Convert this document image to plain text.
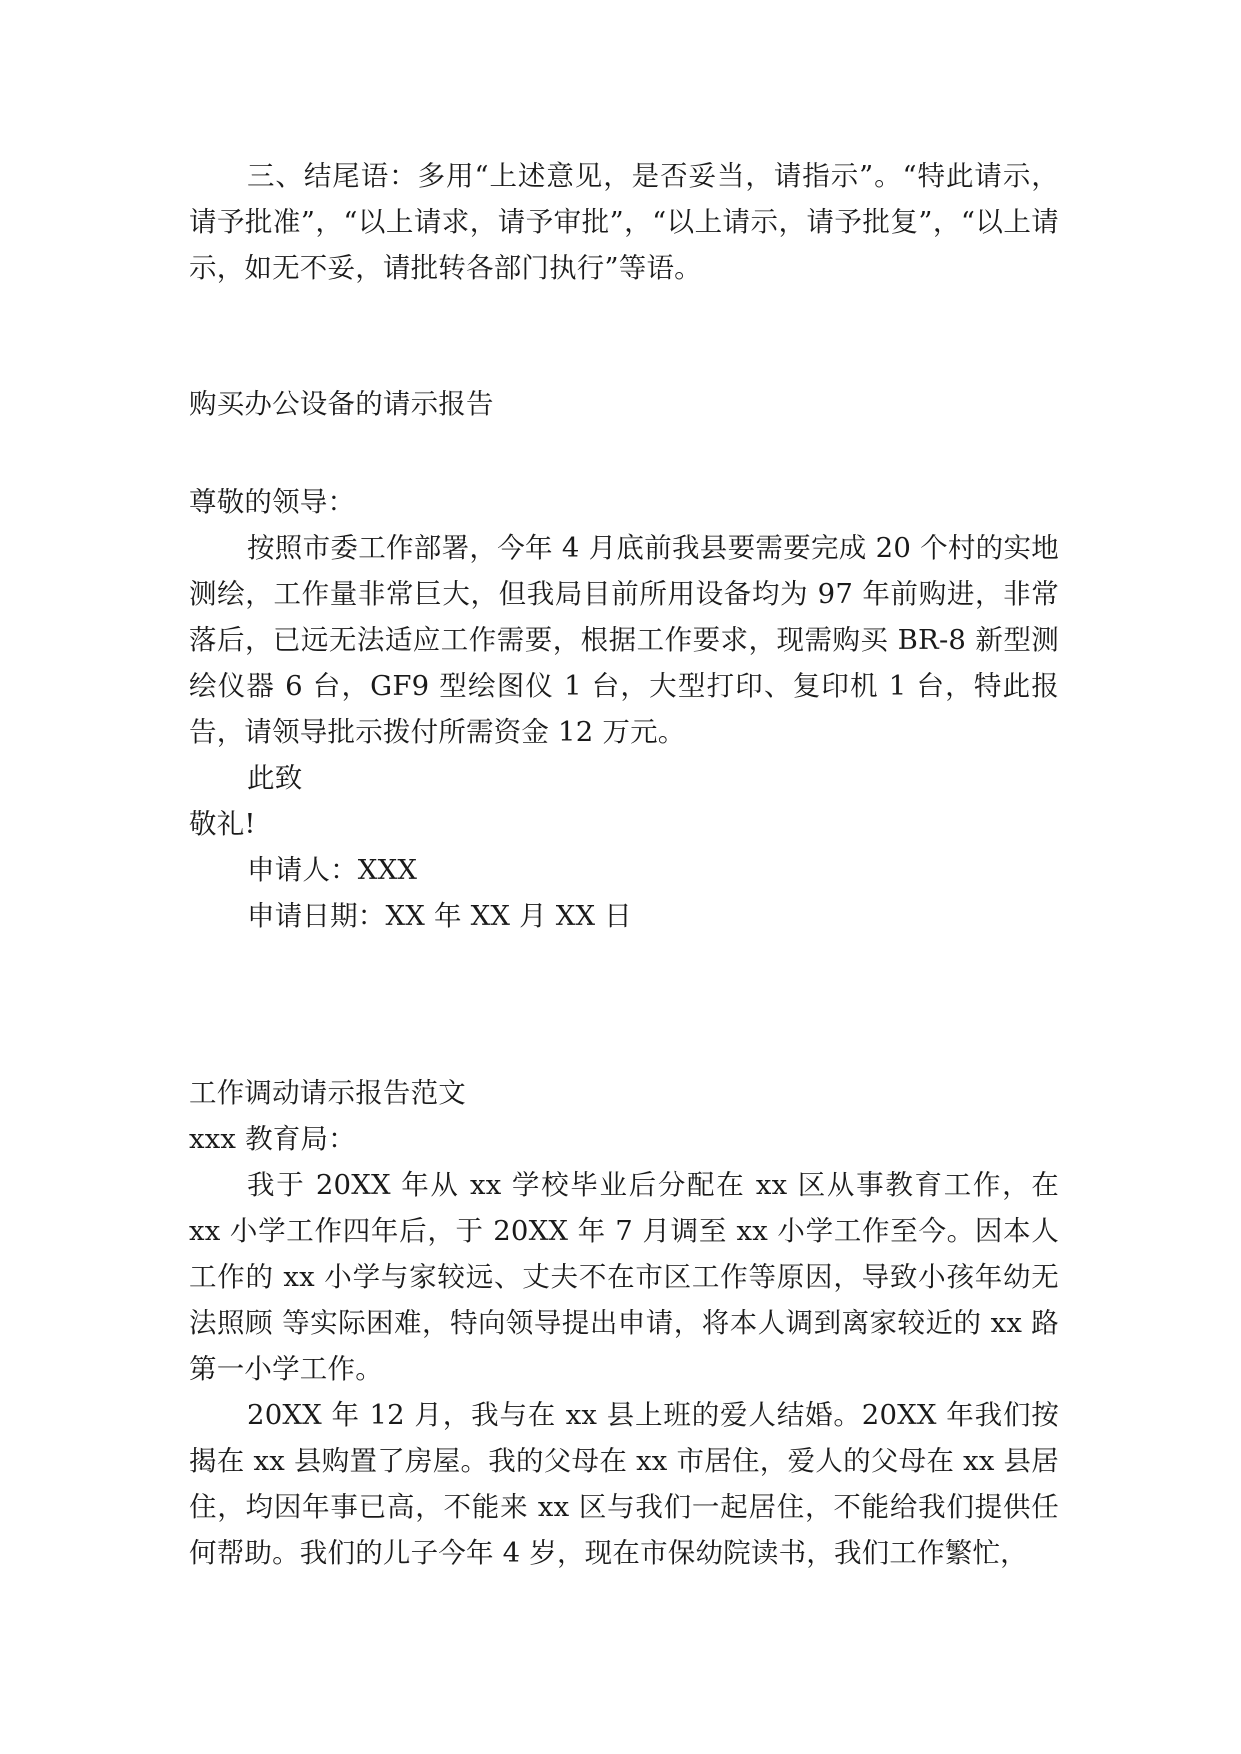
三、结尾语：多用“上述意见，是否妥当，请指示”。“特此请示，请予批准”，“以上请求，请予审批”，“以上请示，请予批复”，“以上请示，如无不妥，请批转各部门执行”等语。

购买办公设备的请示报告

尊敬的领导：

按照市委工作部署，今年 4 月底前我县要需要完成 20 个村的实地测绘，工作量非常巨大，但我局目前所用设备均为 97 年前购进，非常落后，已远无法适应工作需要，根据工作要求，现需购买 BR-8 新型测绘仪器 6 台，GF9 型绘图仪 1 台，大型打印、复印机 1 台，特此报告，请领导批示拨付所需资金 12 万元。

此致

敬礼!

申请人：XXX

申请日期：XX 年 XX 月 XX 日

工作调动请示报告范文

xxx 教育局：

我于 20XX 年从 xx 学校毕业后分配在 xx 区从事教育工作，在 xx 小学工作四年后，于 20XX 年 7 月调至 xx 小学工作至今。因本人工作的 xx 小学与家较远、丈夫不在市区工作等原因，导致小孩年幼无法照顾 等实际困难，特向领导提出申请，将本人调到离家较近的 xx 路第一小学工作。

20XX 年 12 月，我与在 xx 县上班的爱人结婚。20XX 年我们按揭在 xx 县购置了房屋。我的父母在 xx 市居住，爱人的父母在 xx 县居住，均因年事已高，不能来 xx 区与我们一起居住，不能给我们提供任何帮助。我们的儿子今年 4 岁，现在市保幼院读书，我们工作繁忙，
